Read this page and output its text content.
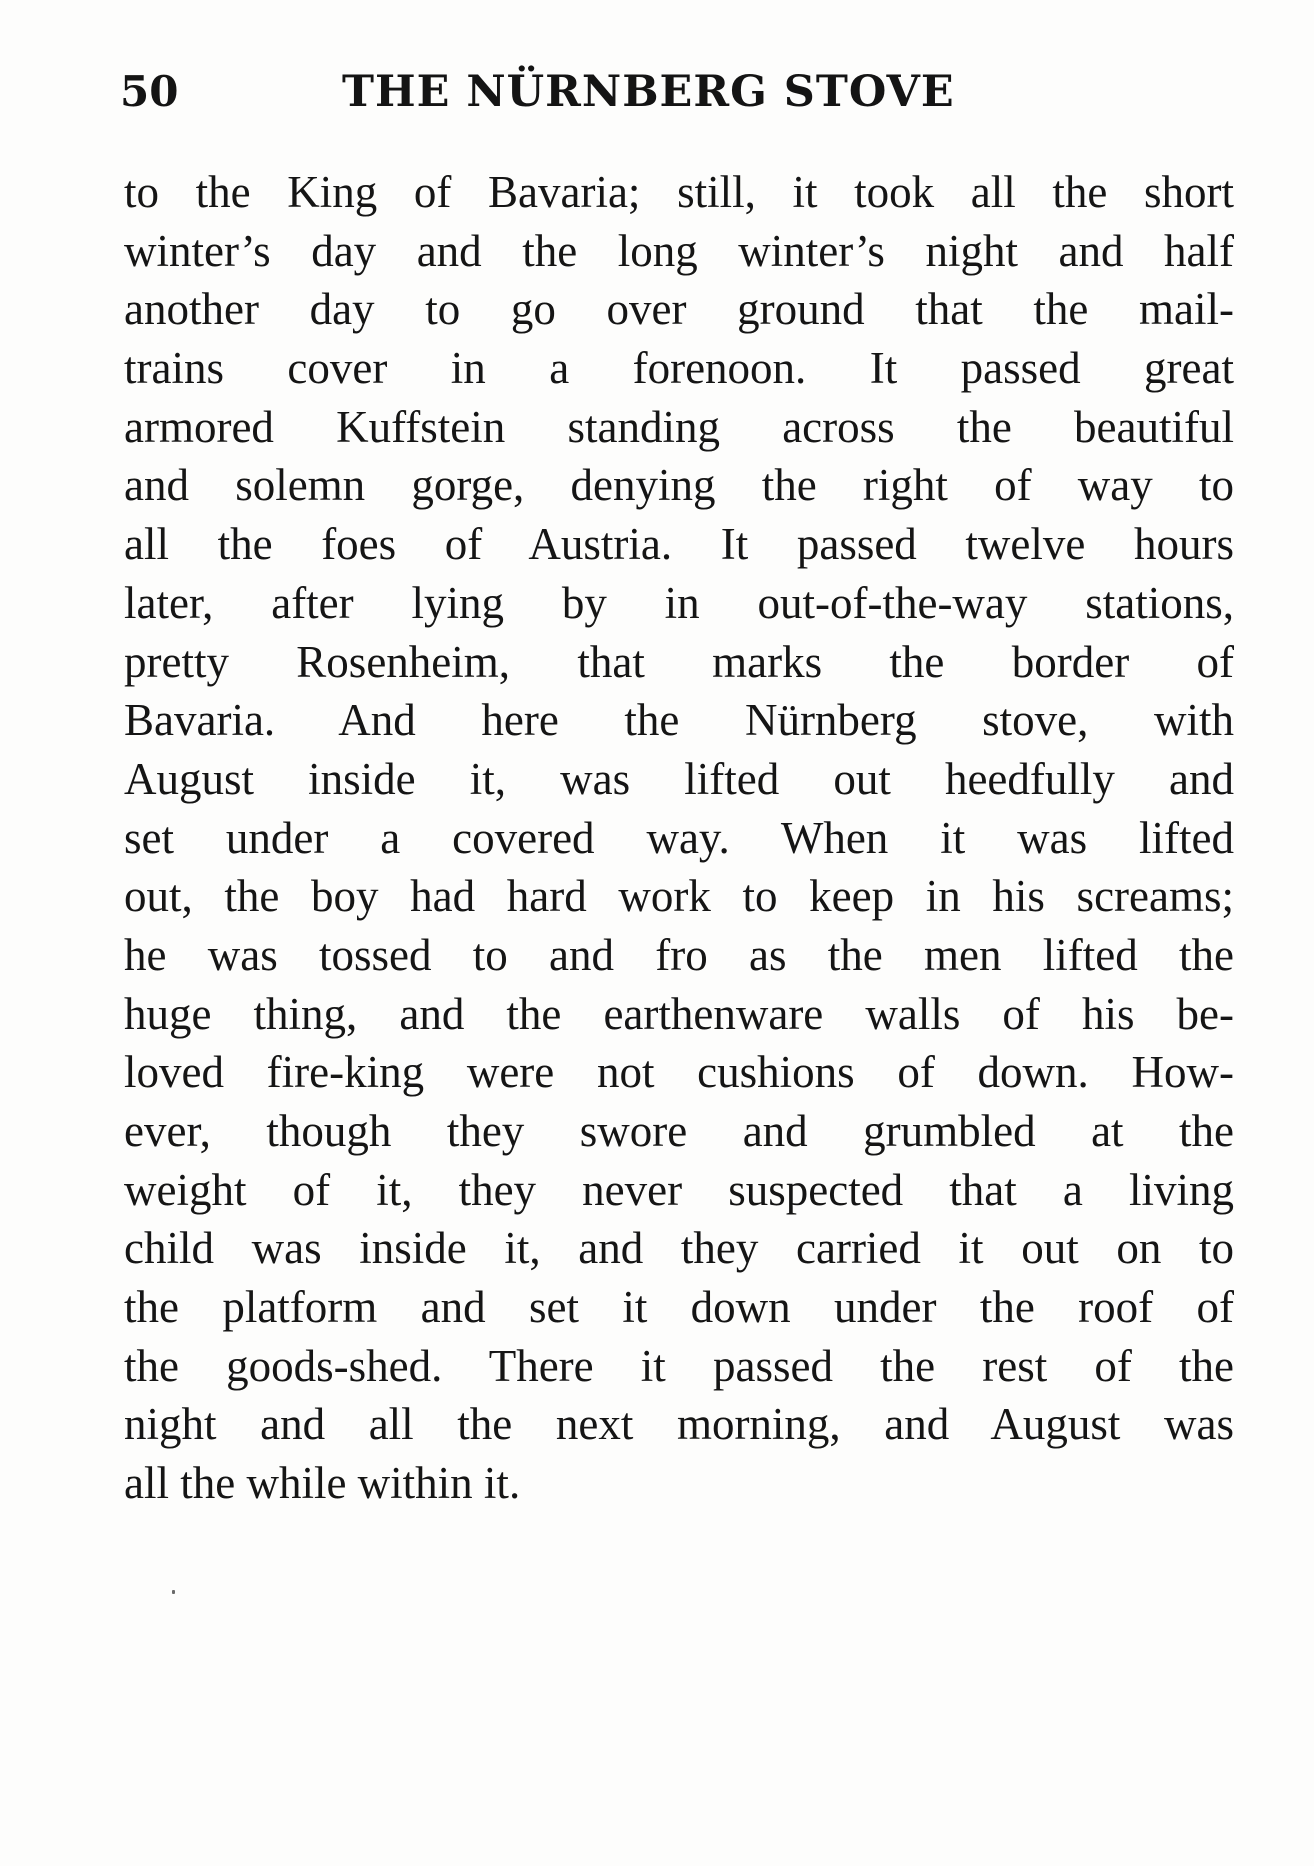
50	THE NÜRNBERG STOVE
to the King of Bavaria; still, it took all the short
winter’s day and the long winter’s night and half
another day to go over ground that the mail-
trains cover in a forenoon. It passed great
armored Kuffstein standing across the beautiful
and solemn gorge, denying the right of way to
all the foes of Austria. It passed twelve hours
later, after lying by in out-of-the-way stations,
pretty Rosenheim, that marks the border of
Bavaria. And here the Nürnberg stove, with
August inside it, was lifted out heedfully and
set under a covered way. When it was lifted
out, the boy had hard work to keep in his screams;
he was tossed to and fro as the men lifted the
huge thing, and the earthenware walls of his be-
loved fire-king were not cushions of down. How-
ever, though they swore and grumbled at the
weight of it, they never suspected that a living
child was inside it, and they carried it out on to
the platform and set it down under the roof of
the goods-shed. There it passed the rest of the
night and all the next morning, and August was
all the while within it.
